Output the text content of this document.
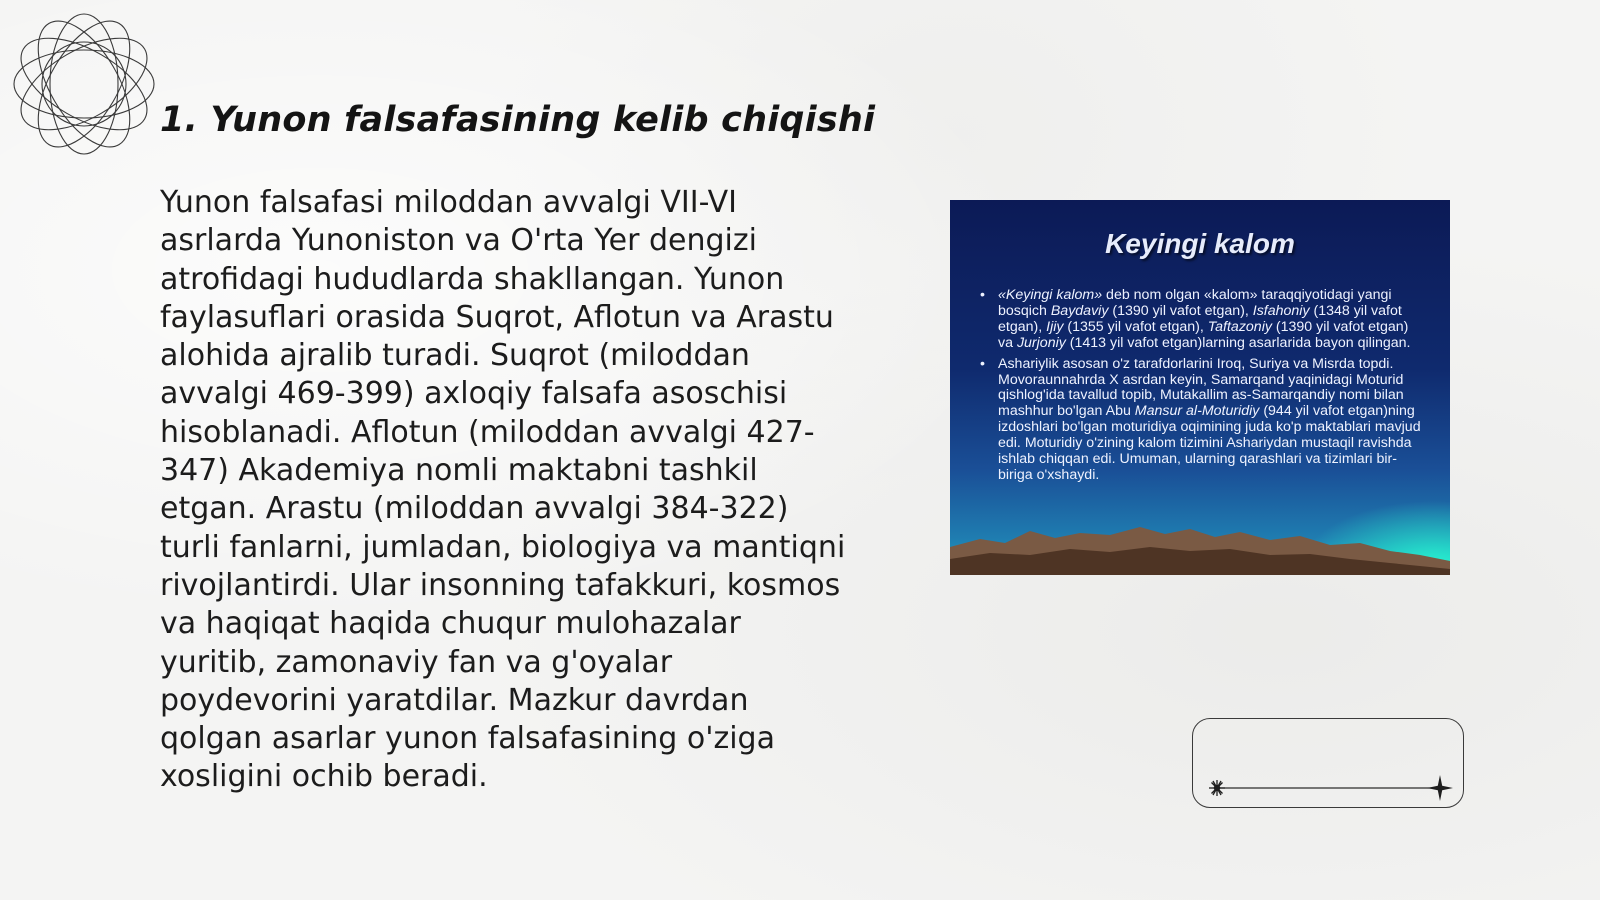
1. Yunon falsafasining kelib chiqishi

Yunon falsafasi miloddan avvalgi VII-VI asrlarda Yunoniston va O'rta Yer dengizi atrofidagi hududlarda shakllangan. Yunon faylasuflari orasida Suqrot, Aflotun va Arastu alohida ajralib turadi. Suqrot (miloddan avvalgi 469-399) axloqiy falsafa asoschisi hisoblanadi. Aflotun (miloddan avvalgi 427-347) Akademiya nomli maktabni tashkil etgan. Arastu (miloddan avvalgi 384-322) turli fanlarni, jumladan, biologiya va mantiqni rivojlantirdi. Ular insonning tafakkuri, kosmos va haqiqat haqida chuqur mulohazalar yuritib, zamonaviy fan va g'oyalar poydevorini yaratdilar. Mazkur davrdan qolgan asarlar yunon falsafasining o'ziga xosligini ochib beradi.

Keyingi kalom
• «Keyingi kalom» deb nom olgan «kalom» taraqqiyotidagi yangi bosqich Baydaviy (1390 yil vafot etgan), Isfahoniy (1348 yil vafot etgan), Ijiy (1355 yil vafot etgan), Taftazoniy (1390 yil vafot etgan) va Jurjoniy (1413 yil vafot etgan)larning asarlarida bayon qilingan.
• Ashariylik asosan o'z tarafdorlarini Iroq, Suriya va Misrda topdi. Movoraunnahrda X asrdan keyin, Samarqand yaqinidagi Moturid qishlog'ida tavallud topib, Mutakallim as-Samarqandiy nomi bilan mashhur bo'lgan Abu Mansur al-Moturidiy (944 yil vafot etgan)ning izdoshlari bo'lgan moturidiya oqimining juda ko'p maktablari mavjud edi. Moturidiy o'zining kalom tizimini Ashariydan mustaqil ravishda ishlab chiqqan edi. Umuman, ularning qarashlari va tizimlari bir-biriga o'xshaydi.
